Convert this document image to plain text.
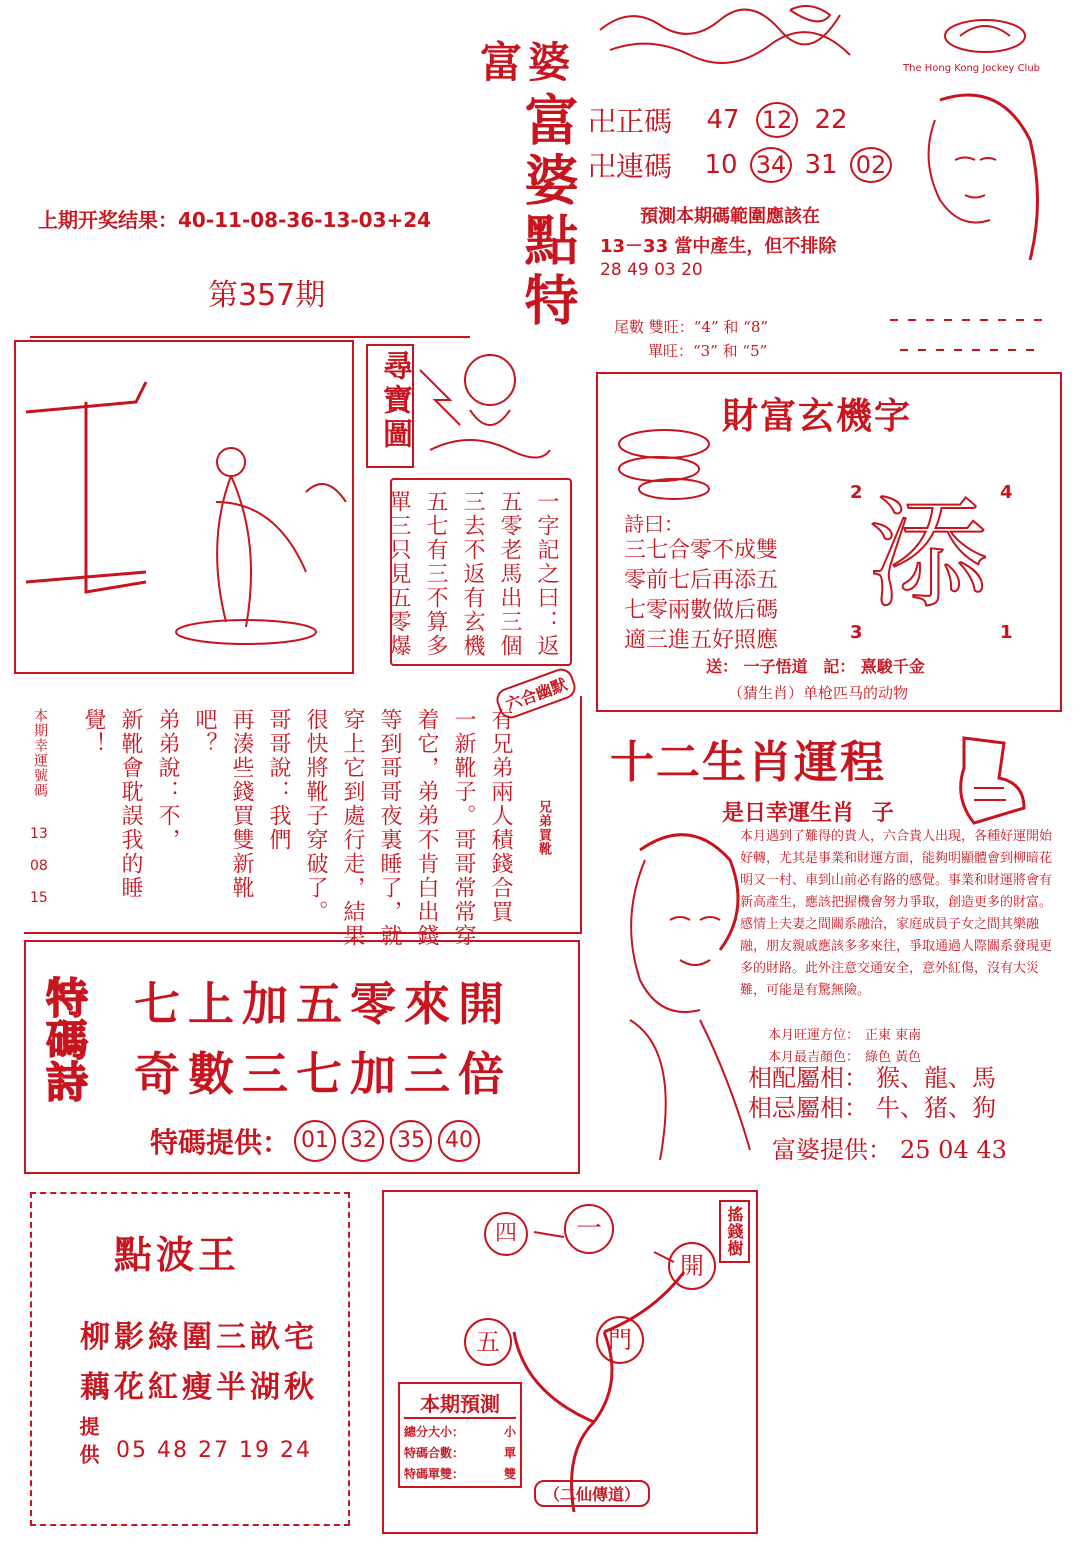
上期开奖结果：40-11-08-36-13-03+24
第357期
富婆
富婆點特
The Hong Kong Jockey Club
卍正碼	47 12 22
卍連碼	10 34 31 02
預測本期碼範圍應該在
13－33 當中產生，但不排除
28 49 03 20
尾數 雙旺：“4” 和 “8”
單旺：“3” 和 “5”
尋寶圖
一字記之曰：返
五零老馬出三個
三去不返有玄機
五七有三不算多
單三只見五零爆
財富玄機字
詩曰：
三七合零不成雙
零前七后再添五
七零兩數做后碼
適三進五好照應
2	4
3	1
添
送： 一子悟道 記： 熹駿千金
（猜生肖）单枪匹马的动物
本期幸運號碼
13
08
15
兄弟買靴
六合幽默
有兄弟兩人積錢合買
一新靴子。哥哥常常穿
着它，弟弟不肯白出錢
等到哥哥夜裏睡了，就
穿上它到處行走，結果
很快將靴子穿破了。
哥哥說：我們
再湊些錢買雙新靴
吧？
弟弟說：不，
新靴會耽誤我的睡
覺！
十二生肖運程
是日幸運生肖 子
本月遇到了難得的貴人，六合貴人出現，各種好運開始好轉，尤其是事業和財運方面，能夠明顯體會到柳暗花明又一村、車到山前必有路的感覺。事業和財運將會有新高產生，應該把握機會努力爭取，創造更多的財富。感情上夫妻之間關系融洽，家庭成員子女之間其樂融融，朋友親戚應該多多來往，爭取通過人際關系發現更多的財路。此外注意交通安全，意外紅傷，沒有大災難，可能是有驚無險。
本月旺運方位： 正東 東南
本月最吉顏色： 綠色 黃色
相配屬相： 猴、龍、馬
相忌屬相： 牛、猪、狗
富婆提供： 25 04 43
特碼詩 七上加五零來開
奇數三七加三倍
特碼提供： 01 32 35 40
點波王
柳影綠圍三畝宅
藕花紅瘦半湖秋
提供 05 48 27 19 24
搖錢樹
四	一
開
五	門
本期預測
總分大小：	小
特碼合數：	單
特碼單雙：	雙
（二仙傳道）
